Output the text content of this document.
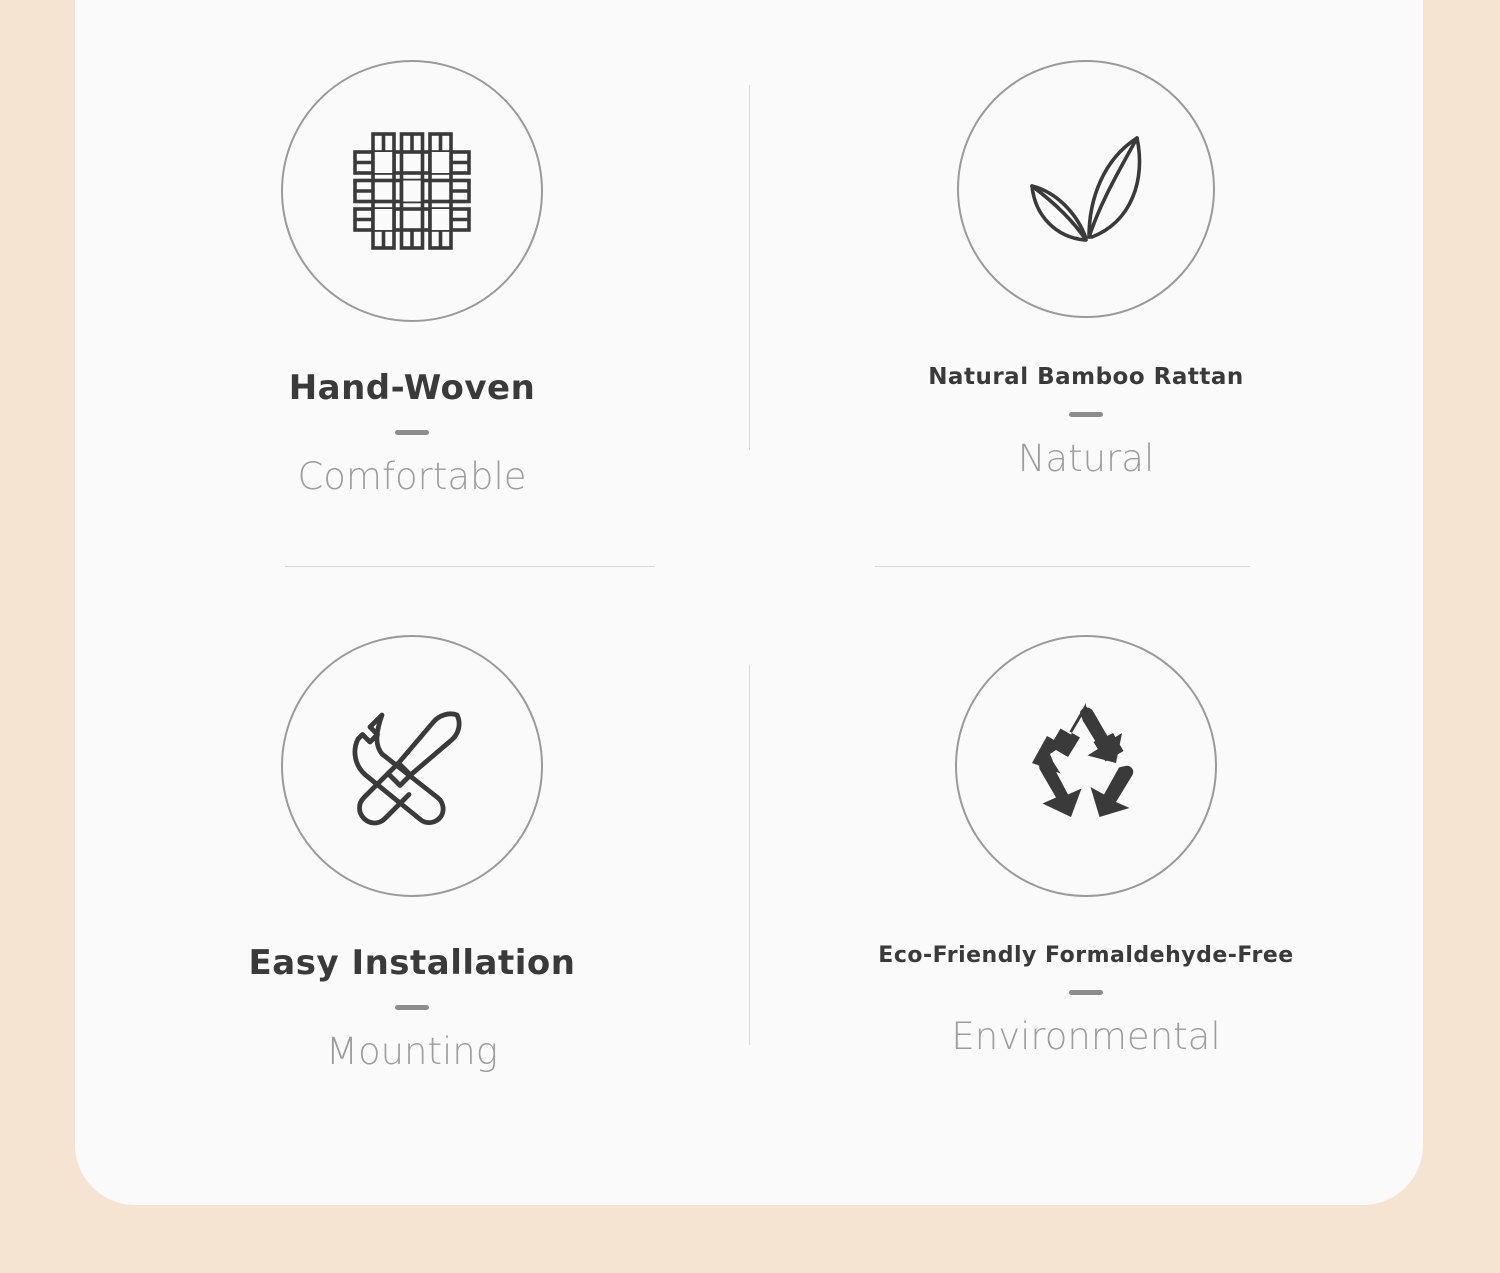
Hand-Woven
Comfortable
Natural Bamboo Rattan
Natural
Easy Installation
Mounting
Eco-Friendly Formaldehyde-Free
Environmental
